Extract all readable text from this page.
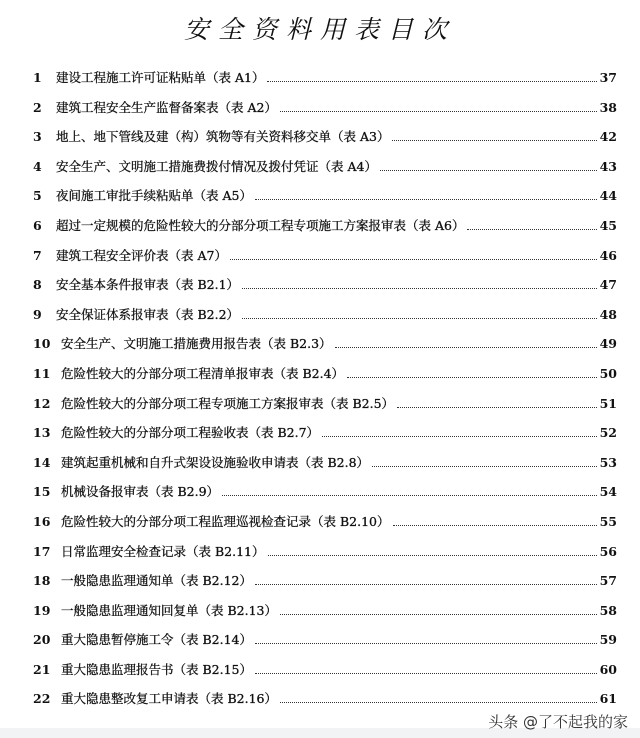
安全资料用表目次
1	建设工程施工许可证粘贴单（表 A1）	37
2	建筑工程安全生产监督备案表（表 A2）	38
3	地上、地下管线及建（构）筑物等有关资料移交单（表 A3）	42
4	安全生产、文明施工措施费拨付情况及拨付凭证（表 A4）	43
5	夜间施工审批手续粘贴单（表 A5）	44
6	超过一定规模的危险性较大的分部分项工程专项施工方案报审表（表 A6）	45
7	建筑工程安全评价表（表 A7）	46
8	安全基本条件报审表（表 B2.1）	47
9	安全保证体系报审表（表 B2.2）	48
10 安全生产、文明施工措施费用报告表（表 B2.3）	49
11 危险性较大的分部分项工程清单报审表（表 B2.4）	50
12 危险性较大的分部分项工程专项施工方案报审表（表 B2.5）	51
13 危险性较大的分部分项工程验收表（表 B2.7）	52
14 建筑起重机械和自升式架设设施验收申请表（表 B2.8）	53
15 机械设备报审表（表 B2.9）	54
16 危险性较大的分部分项工程监理巡视检查记录（表 B2.10）	55
17 日常监理安全检查记录（表 B2.11）	56
18 一般隐患监理通知单（表 B2.12）	57
19 一般隐患监理通知回复单（表 B2.13）	58
20 重大隐患暂停施工令（表 B2.14）	59
21 重大隐患监理报告书（表 B2.15）	60
22 重大隐患整改复工申请表（表 B2.16）	61
头条 @了不起我的家
